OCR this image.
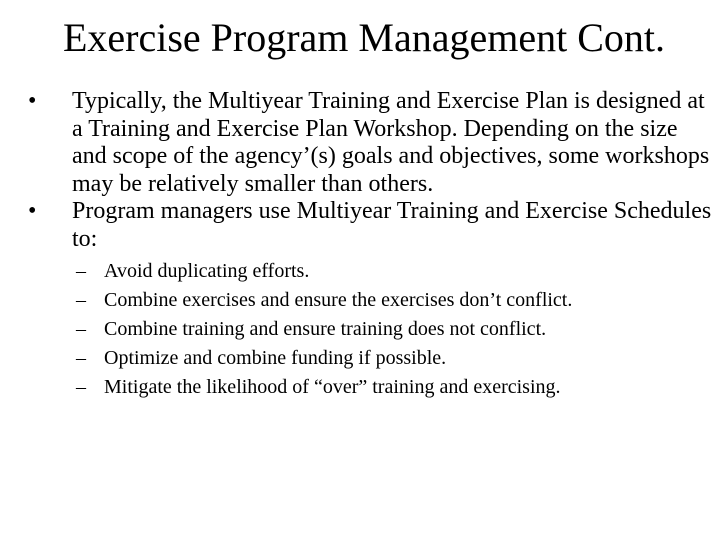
Exercise Program Management Cont.
•	Typically, the Multiyear Training and Exercise Plan is designed at a Training and Exercise Plan Workshop. Depending on the size and scope of the agency’(s) goals and objectives, some workshops may be relatively smaller than others.
•	Program managers use Multiyear Training and Exercise Schedules to:
– Avoid duplicating efforts.
– Combine exercises and ensure the exercises don’t conflict.
– Combine training and ensure training does not conflict.
– Optimize and combine funding if possible.
– Mitigate the likelihood of “over” training and exercising.
